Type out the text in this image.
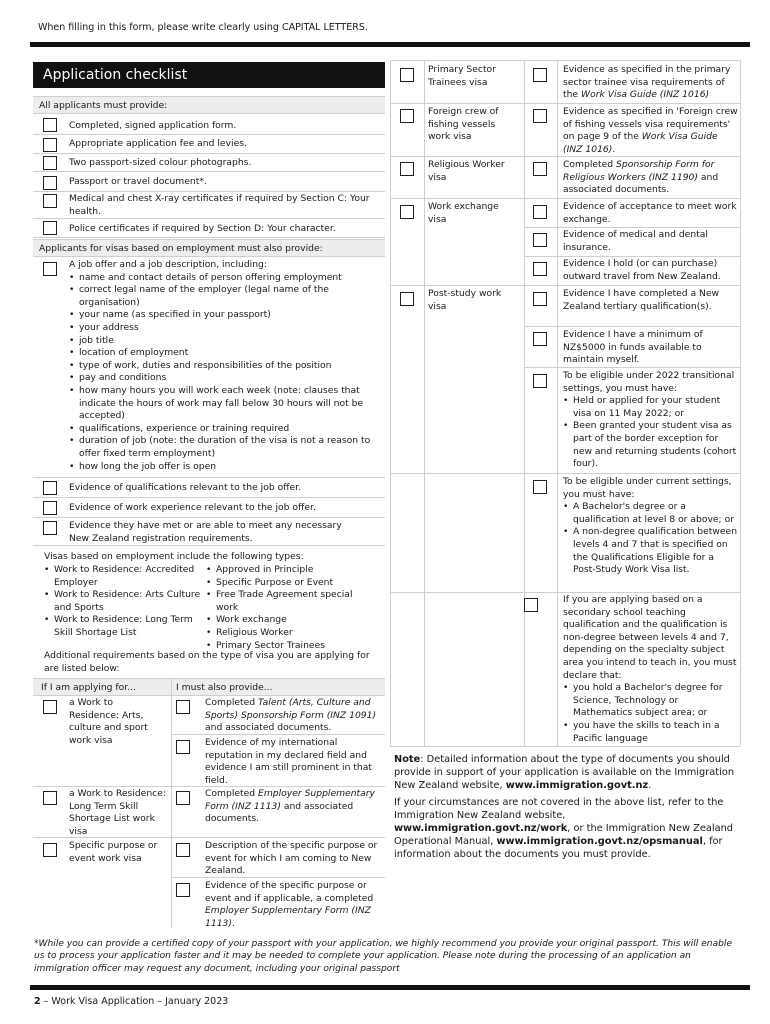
When filling in this form, please write clearly using CAPITAL LETTERS.
Application checklist
All applicants must provide:
Completed, signed application form.
Appropriate application fee and levies.
Two passport-sized colour photographs.
Passport or travel document*.
Medical and chest X-ray certificates if required by Section C: Your health.
Police certificates if required by Section D: Your character.
Applicants for visas based on employment must also provide:
A job offer and a job description, including:
• name and contact details of person offering employment
• correct legal name of the employer (legal name of the organisation)
• your name (as specified in your passport)
• your address
• job title
• location of employment
• type of work, duties and responsibilities of the position
• pay and conditions
• how many hours you will work each week (note: clauses that indicate the hours of work may fall below 30 hours will not be accepted)
• qualifications, experience or training required
• duration of job (note: the duration of the visa is not a reason to offer fixed term employment)
• how long the job offer is open
Evidence of qualifications relevant to the job offer.
Evidence of work experience relevant to the job offer.
Evidence they have met or are able to meet any necessary New Zealand registration requirements.
Visas based on employment include the following types:
• Work to Residence: Accredited Employer
• Work to Residence: Arts Culture and Sports
• Work to Residence: Long Term Skill Shortage List
• Approved in Principle
• Specific Purpose or Event
• Free Trade Agreement special work
• Work exchange
• Religious Worker
• Primary Sector Trainees
Additional requirements based on the type of visa you are applying for are listed below:
If I am applying for...	I must also provide...
a Work to Residence: Arts, culture and sport work visa
Completed Talent (Arts, Culture and Sports) Sponsorship Form (INZ 1091) and associated documents.
Evidence of my international reputation in my declared field and evidence I am still prominent in that field.
a Work to Residence: Long Term Skill Shortage List work visa
Completed Employer Supplementary Form (INZ 1113) and associated documents.
Specific purpose or event work visa
Description of the specific purpose or event for which I am coming to New Zealand.
Evidence of the specific purpose or event and if applicable, a completed Employer Supplementary Form (INZ 1113).
Primary Sector Trainees visa
Evidence as specified in the primary sector trainee visa requirements of the Work Visa Guide (INZ 1016)
Foreign crew of fishing vessels work visa
Evidence as specified in 'Foreign crew of fishing vessels visa requirements' on page 9 of the Work Visa Guide (INZ 1016).
Religious Worker visa
Completed Sponsorship Form for Religious Workers (INZ 1190) and associated documents.
Work exchange visa
Evidence of acceptance to meet work exchange.
Evidence of medical and dental insurance.
Evidence I hold (or can purchase) outward travel from New Zealand.
Post-study work visa
Evidence I have completed a New Zealand tertiary qualification(s).
Evidence I have a minimum of NZ$5000 in funds available to maintain myself.
To be eligible under 2022 transitional settings, you must have:
• Held or applied for your student visa on 11 May 2022; or
• Been granted your student visa as part of the border exception for new and returning students (cohort four).
To be eligible under current settings, you must have:
• A Bachelor's degree or a qualification at level 8 or above; or
• A non-degree qualification between levels 4 and 7 that is specified on the Qualifications Eligible for a Post-Study Work Visa list.
If you are applying based on a secondary school teaching qualification and the qualification is non-degree between levels 4 and 7, depending on the specialty subject area you intend to teach in, you must declare that:
• you hold a Bachelor's degree for Science, Technology or Mathematics subject area; or
• you have the skills to teach in a Pacific language
Note: Detailed information about the type of documents you should provide in support of your application is available on the Immigration New Zealand website, www.immigration.govt.nz.
If your circumstances are not covered in the above list, refer to the Immigration New Zealand website, www.immigration.govt.nz/work, or the Immigration New Zealand Operational Manual, www.immigration.govt.nz/opsmanual, for information about the documents you must provide.
*While you can provide a certified copy of your passport with your application, we highly recommend you provide your original passport. This will enable us to process your application faster and it may be needed to complete your application. Please note during the processing of an application an immigration officer may request any document, including your original passport
2 – Work Visa Application – January 2023
